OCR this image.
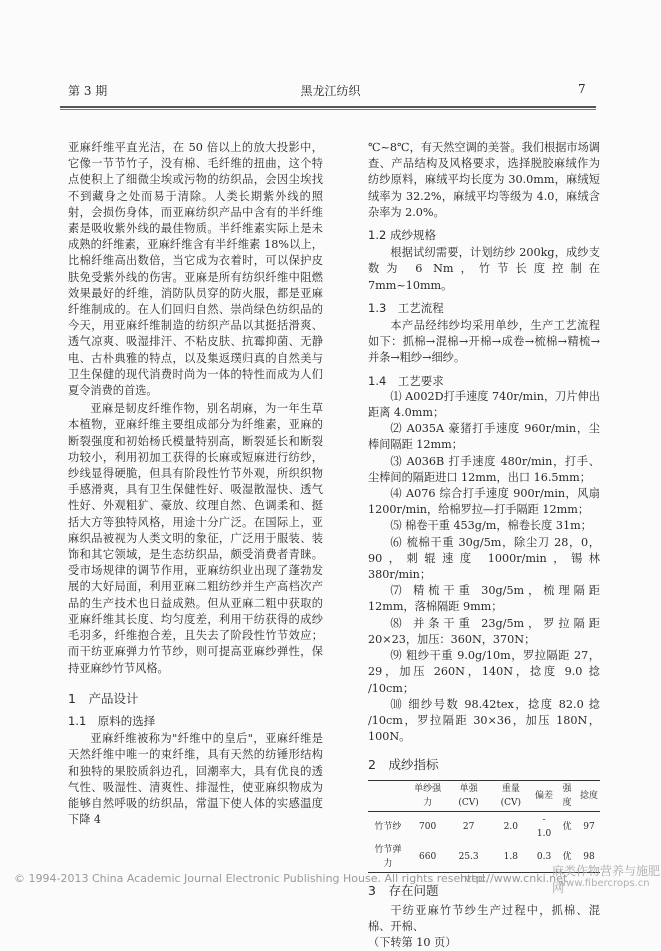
第 3 期	黑龙江纺织	7

亚麻纤维平直光洁，在 50 倍以上的放大投影中，它像一节节竹子，没有棉、毛纤维的扭曲，这个特点使积上了细微尘埃或污物的纺织品，会因尘埃找不到藏身之处而易于清除。人类长期紫外线的照射，会损伤身体，而亚麻纺织产品中含有的半纤维素是吸收紫外线的最佳物质。半纤维素实际上是未成熟的纤维素，亚麻纤维含有半纤维素 18%以上，比棉纤维高出数倍，当它成为衣着时，可以保护皮肤免受紫外线的伤害。亚麻是所有纺织纤维中阻燃效果最好的纤维，消防队员穿的防火服，都是亚麻纤维制成的。在人们回归自然、崇尚绿色纺织品的今天，用亚麻纤维制造的纺织产品以其挺括滑爽、透气凉爽、吸湿排汗、不粘皮肤、抗霉抑菌、无静电、古朴典雅的特点，以及集返璞归真的自然美与卫生保健的现代消费时尚为一体的特性而成为人们夏令消费的首选。

亚麻是韧皮纤维作物，别名胡麻，为一年生草本植物，亚麻纤维主要组成部分为纤维素，亚麻的断裂强度和初始杨氏模量特别高，断裂延长和断裂功较小，利用初加工获得的长麻或短麻进行纺纱，纱线显得硬脆，但具有阶段性竹节外观，所织织物手感滑爽，具有卫生保健性好、吸湿散湿快、透气性好、外观粗犷、豪放、纹理自然、色调柔和、挺括大方等独特风格，用途十分广泛。在国际上，亚麻织品被视为人类文明的象征，广泛用于服装、装饰和其它领域，是生态纺织品，颇受消费者青睐。受市场规律的调节作用，亚麻纺织业出现了蓬勃发展的大好局面，利用亚麻二粗纺纱并生产高档次产品的生产技术也日益成熟。但从亚麻二粗中获取的亚麻纤维其长度、均匀度差，利用干纺获得的成纱毛羽多，纤维抱合差，且失去了阶段性竹节效应；而干纺亚麻弹力竹节纱，则可提高亚麻纱弹性，保持亚麻纱竹节风格。

1　产品设计

1.1　原料的选择

亚麻纤维被称为"纤维中的皇后"，亚麻纤维是天然纤维中唯一的束纤维，具有天然的纺锤形结构和独特的果胶质斜边孔，回潮率大，具有优良的透气性、吸湿性、清爽性、排湿性，使亚麻织物成为能够自然呼吸的纺织品，常温下使人体的实感温度下降 4

℃~8℃，有天然空调的美誉。我们根据市场调查、产品结构及风格要求，选择脱胶麻绒作为纺纱原料，麻绒平均长度为 30.0mm，麻绒短绒率为 32.2%，麻绒平均等级为 4.0，麻绒含杂率为 2.0%。

1.2 成纱规格

根据试纫需要，计划纺纱 200kg，成纱支数为 6 Nm，竹节长度控制在 7mm~10mm。

1.3　工艺流程

本产品经纬纱均采用单纱，生产工艺流程如下：抓棉→混棉→开棉→成卷→梳棉→精梳→并条→粗纱→细纱。

1.4　工艺要求

⑴ A002D打手速度 740r/min，刀片伸出距离 4.0mm；

⑵ A035A 豪猪打手速度 960r/min，尘棒间隔距 12mm；

⑶ A036B 打手速度 480r/min，打手、尘棒间的隔距进口 12mm，出口 16.5mm；

⑷ A076 综合打手速度 900r/min，风扇 1200r/min，给棉罗拉—打手隔距 12mm；

⑸ 棉卷干重 453g/m，棉卷长度 31m；

⑹ 梳棉干重 30g/5m，除尘刀 28，0，90，刺辊速度 1000r/min，锡林 380r/min；

⑺ 精梳干重 30g/5m，梳理隔距 12mm，落棉隔距 9mm；

⑻ 并条干重 23g/5m，罗拉隔距 20×23，加压：360N，370N；

⑼ 粗纱干重 9.0g/10m，罗拉隔距 27，29，加压 260N，140N，捻度 9.0 捻 /10cm；

⑽ 细纱号数 98.42tex，捻度 82.0 捻 /10cm，罗拉隔距 30×36，加压 180N，100N。

2　成纱指标

	单纱强力	单强(CV)	重量(CV)	偏差	强度	捻度
竹节纱	700	27	2.0	- 1.0	优	97
竹节弹力	660	25.3	1.8	0.3	优	98

3　存在问题

干纺亚麻竹节纱生产过程中，抓棉、混棉、开棉、

（下转第 10 页）

© 1994-2013 China Academic Journal Electronic Publishing House. All rights reserved.
http://www.cnki.net
麻类作物营养与施肥网
www.fibercrops.cn
